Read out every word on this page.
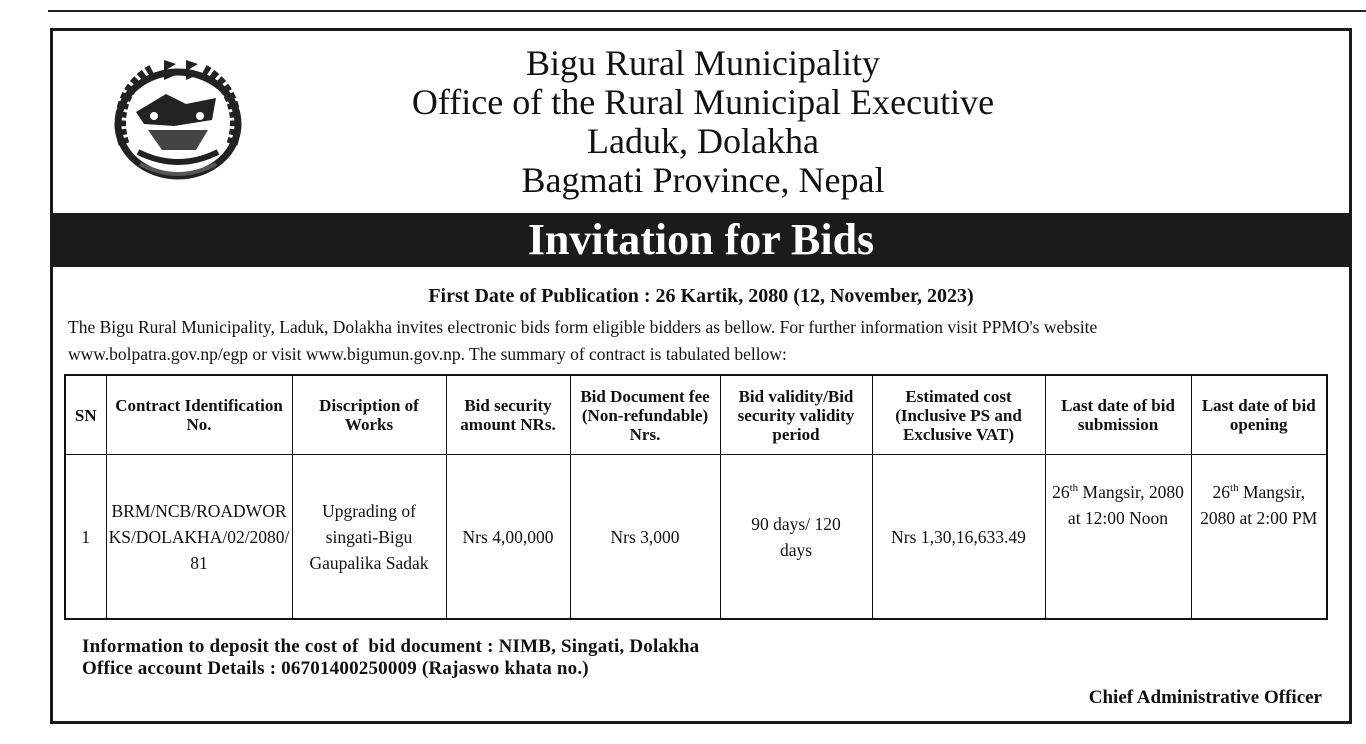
Bigu Rural Municipality
Office of the Rural Municipal Executive
Laduk, Dolakha
Bagmati Province, Nepal
Invitation for Bids
First Date of Publication : 26 Kartik, 2080 (12, November, 2023)

The Bigu Rural Municipality, Laduk, Dolakha invites electronic bids form eligible bidders as bellow. For further information visit PPMO's website

www.bolpatra.gov.np/egp or visit www.bigumun.gov.np. The summary of contract is tabulated bellow:

SN	Contract Identification No.	Discription of Works	Bid security amount NRs.	Bid Document fee (Non-refundable) Nrs.	Bid validity/Bid security validity period	Estimated cost (Inclusive PS and Exclusive VAT)	Last date of bid submission	Last date of bid opening
1	BRM/NCB/ROADWORKS/DOLAKHA/02/2080/81	Upgrading of singati-Bigu Gaupalika Sadak	Nrs 4,00,000	Nrs 3,000	90 days/ 120 days	Nrs 1,30,16,633.49	26th Mangsir, 2080 at 12:00 Noon	26th Mangsir, 2080 at 2:00 PM
Information to deposit the cost of  bid document : NIMB, Singati, Dolakha
Office account Details : 06701400250009 (Rajaswo khata no.)
Chief Administrative Officer
